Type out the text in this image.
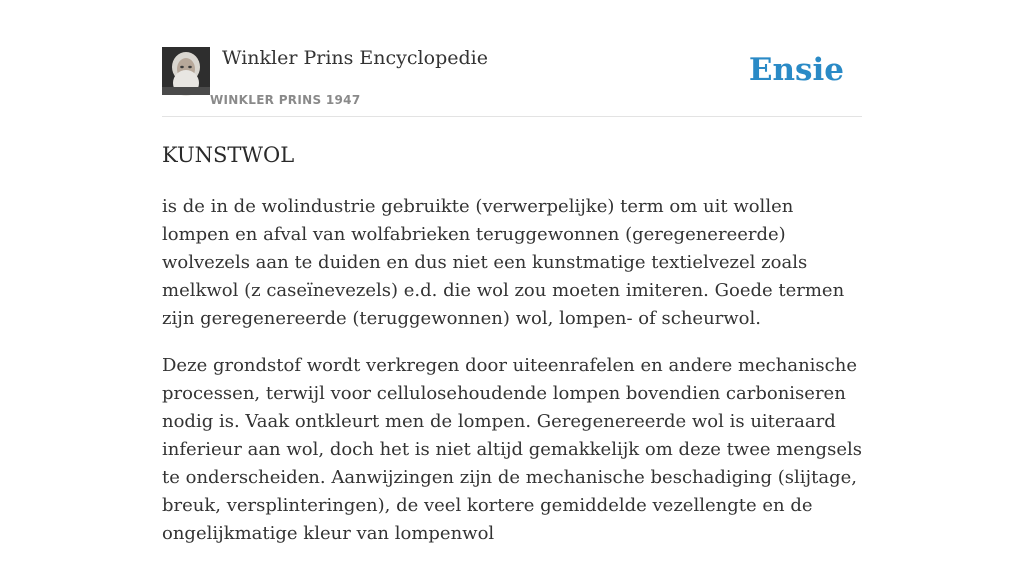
Winkler Prins Encyclopedie
WINKLER PRINS 1947
Ensie
KUNSTWOL

is de in de wolindustrie gebruikte (verwerpelijke) term om uit wollen lompen en afval van wolfabrieken teruggewonnen (geregenereerde) wolvezels aan te duiden en dus niet een kunstmatige textielvezel zoals melkwol (z caseïnevezels) e.d. die wol zou moeten imiteren. Goede termen zijn geregenereerde (teruggewonnen) wol, lompen- of scheurwol.

Deze grondstof wordt verkregen door uiteenrafelen en andere mechanische processen, terwijl voor cellulosehoudende lompen bovendien carboniseren nodig is. Vaak ontkleurt men de lompen. Geregenereerde wol is uiteraard inferieur aan wol, doch het is niet altijd gemakkelijk om deze twee mengsels te onderscheiden. Aanwijzingen zijn de mechanische beschadiging (slijtage, breuk, versplinteringen), de veel kortere gemiddelde vezellengte en de ongelijkmatige kleur van lompenwol
